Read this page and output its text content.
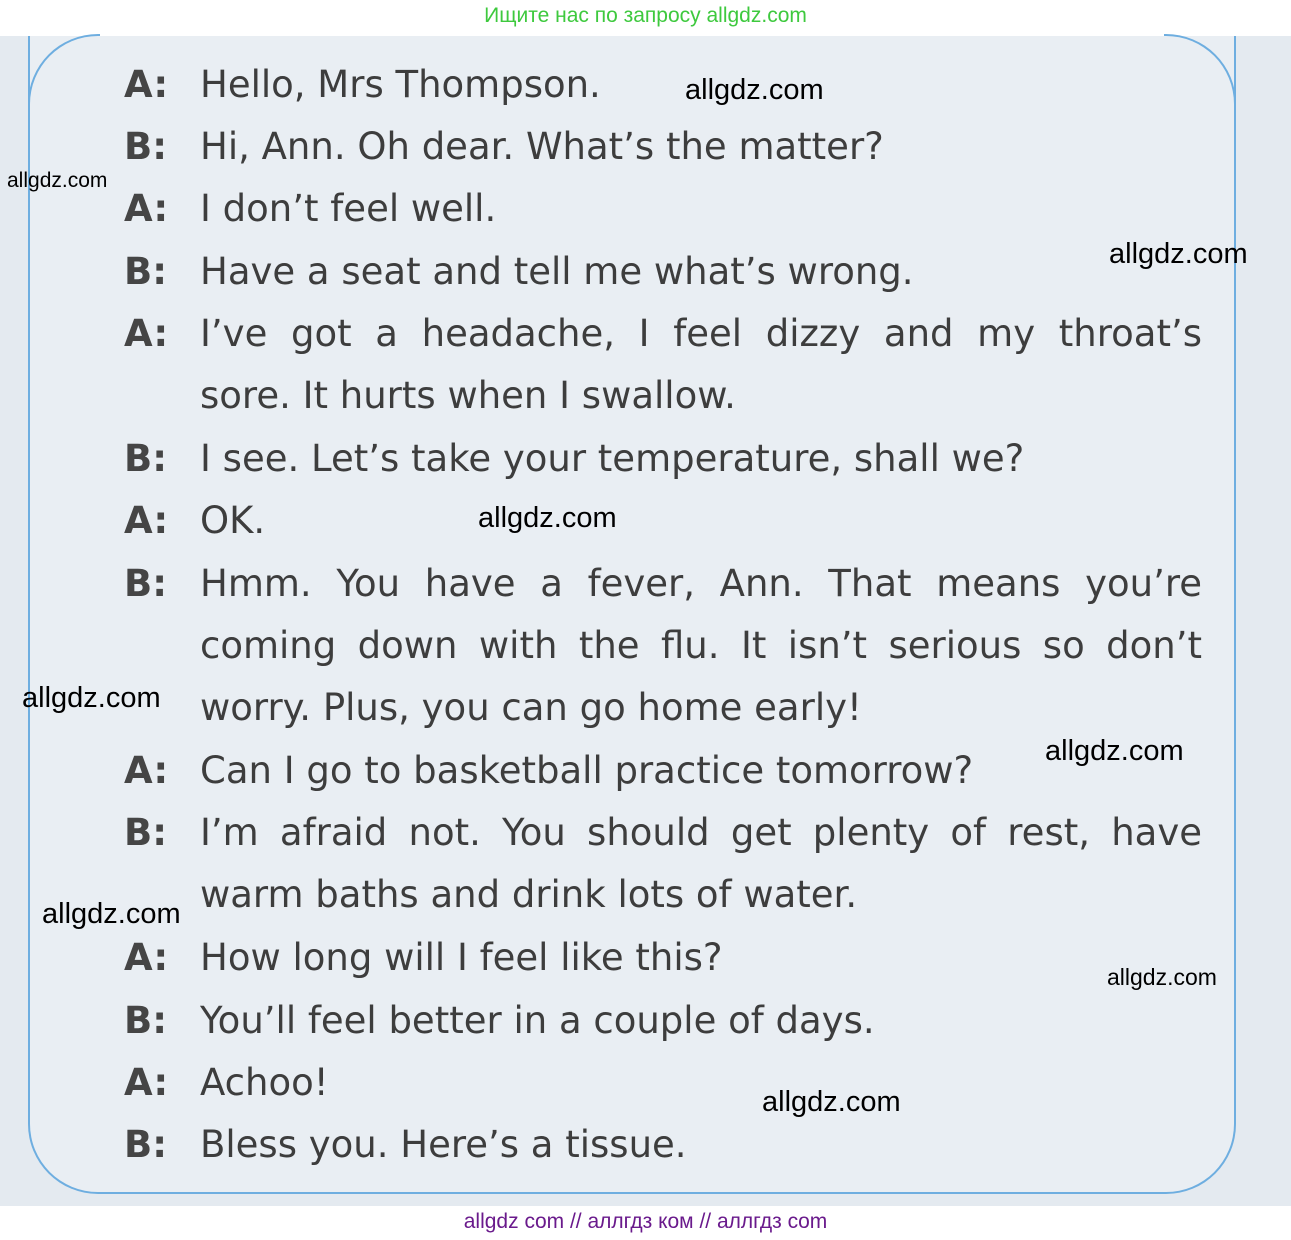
Ищите нас по запросу allgdz.com
A:
B:
A:
B:
A:
B:
A:
B:
A:
B:
A:
B:
A:
B:
Hello, Mrs Thompson.
Hi, Ann. Oh dear. What’s the matter?
I don’t feel well.
Have a seat and tell me what’s wrong.
I’ve got a headache, I feel dizzy and my throat’s
sore. It hurts when I swallow.
I see. Let’s take your temperature, shall we?
OK.
Hmm. You have a fever, Ann. That means you’re
coming down with the flu. It isn’t serious so don’t
worry. Plus, you can go home early!
Can I go to basketball practice tomorrow?
I’m afraid not. You should get plenty of rest, have
warm baths and drink lots of water.
How long will I feel like this?
You’ll feel better in a couple of days.
Achoo!
Bless you. Here’s a tissue.
allgdz.com
allgdz.com
allgdz.com
allgdz.com
allgdz.com
allgdz.com
allgdz.com
allgdz.com
allgdz.com
allgdz com // аллгдз ком // аллгдз com
